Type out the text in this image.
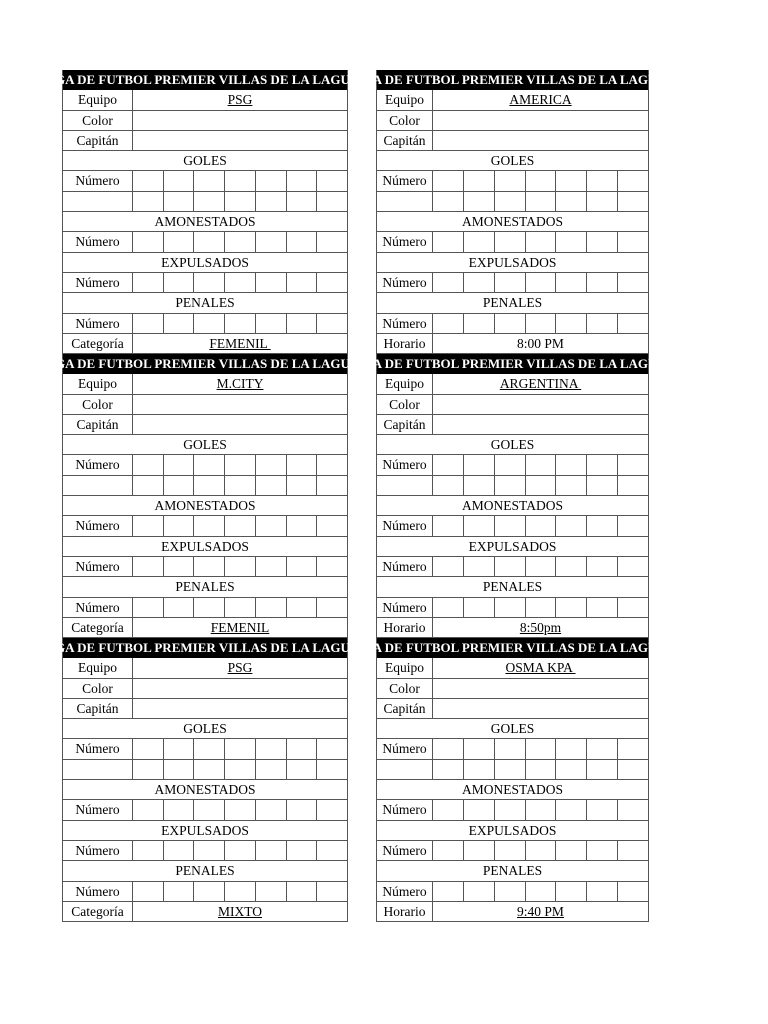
LIGA DE FUTBOL PREMIER VILLAS DE LA LAGUNA
Equipo	PSG
Color
Capitán
GOLES
Número
AMONESTADOS
Número
EXPULSADOS
Número
PENALES
Número
Categoría	FEMENIL
LIGA DE FUTBOL PREMIER VILLAS DE LA LAGUNA
Equipo	AMERICA
Color
Capitán
GOLES
Número
AMONESTADOS
Número
EXPULSADOS
Número
PENALES
Número
Horario	8:00 PM
LIGA DE FUTBOL PREMIER VILLAS DE LA LAGUNA
Equipo	M.CITY
Color
Capitán
GOLES
Número
AMONESTADOS
Número
EXPULSADOS
Número
PENALES
Número
Categoría	FEMENIL
LIGA DE FUTBOL PREMIER VILLAS DE LA LAGUNA
Equipo	ARGENTINA
Color
Capitán
GOLES
Número
AMONESTADOS
Número
EXPULSADOS
Número
PENALES
Número
Horario	8:50pm
LIGA DE FUTBOL PREMIER VILLAS DE LA LAGUNA
Equipo	PSG
Color
Capitán
GOLES
Número
AMONESTADOS
Número
EXPULSADOS
Número
PENALES
Número
Categoría	MIXTO
LIGA DE FUTBOL PREMIER VILLAS DE LA LAGUNA
Equipo	OSMA KPA
Color
Capitán
GOLES
Número
AMONESTADOS
Número
EXPULSADOS
Número
PENALES
Número
Horario	9:40 PM
